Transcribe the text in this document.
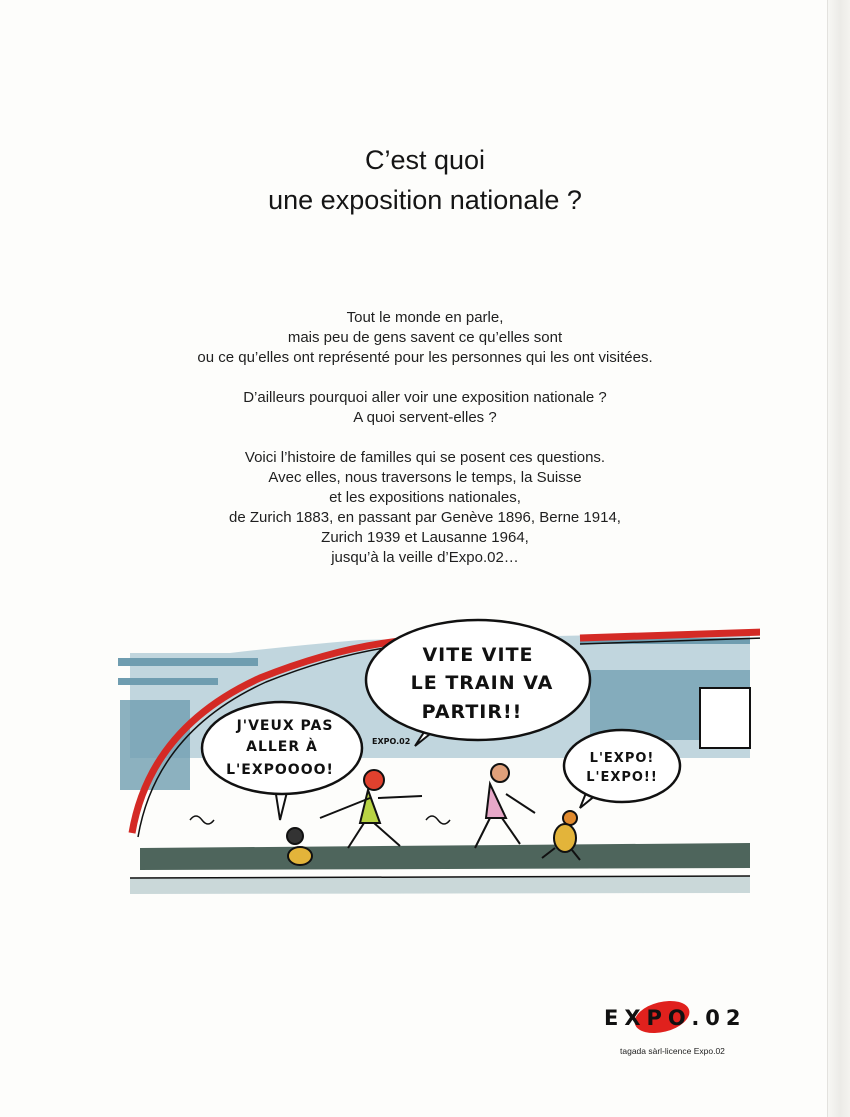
C’est quoi
une exposition nationale ?
Tout le monde en parle,
mais peu de gens savent ce qu’elles sont
ou ce qu’elles ont représenté pour les personnes qui les ont visitées.
D’ailleurs pourquoi aller voir une exposition nationale ?
A quoi servent-elles ?
Voici l’histoire de familles qui se posent ces questions.
Avec elles, nous traversons le temps, la Suisse
et les expositions nationales,
de Zurich 1883, en passant par Genève 1896, Berne 1914,
Zurich 1939 et Lausanne 1964,
jusqu’à la veille d’Expo.02…
VITE VITE
LE TRAIN VA
PARTIR!!
J'VEUX PAS
ALLER À
L'EXPOOOO!
L'EXPO!
L'EXPO!!
EXPO.02
EXPO.02
tagada sàrl-licence Expo.02
